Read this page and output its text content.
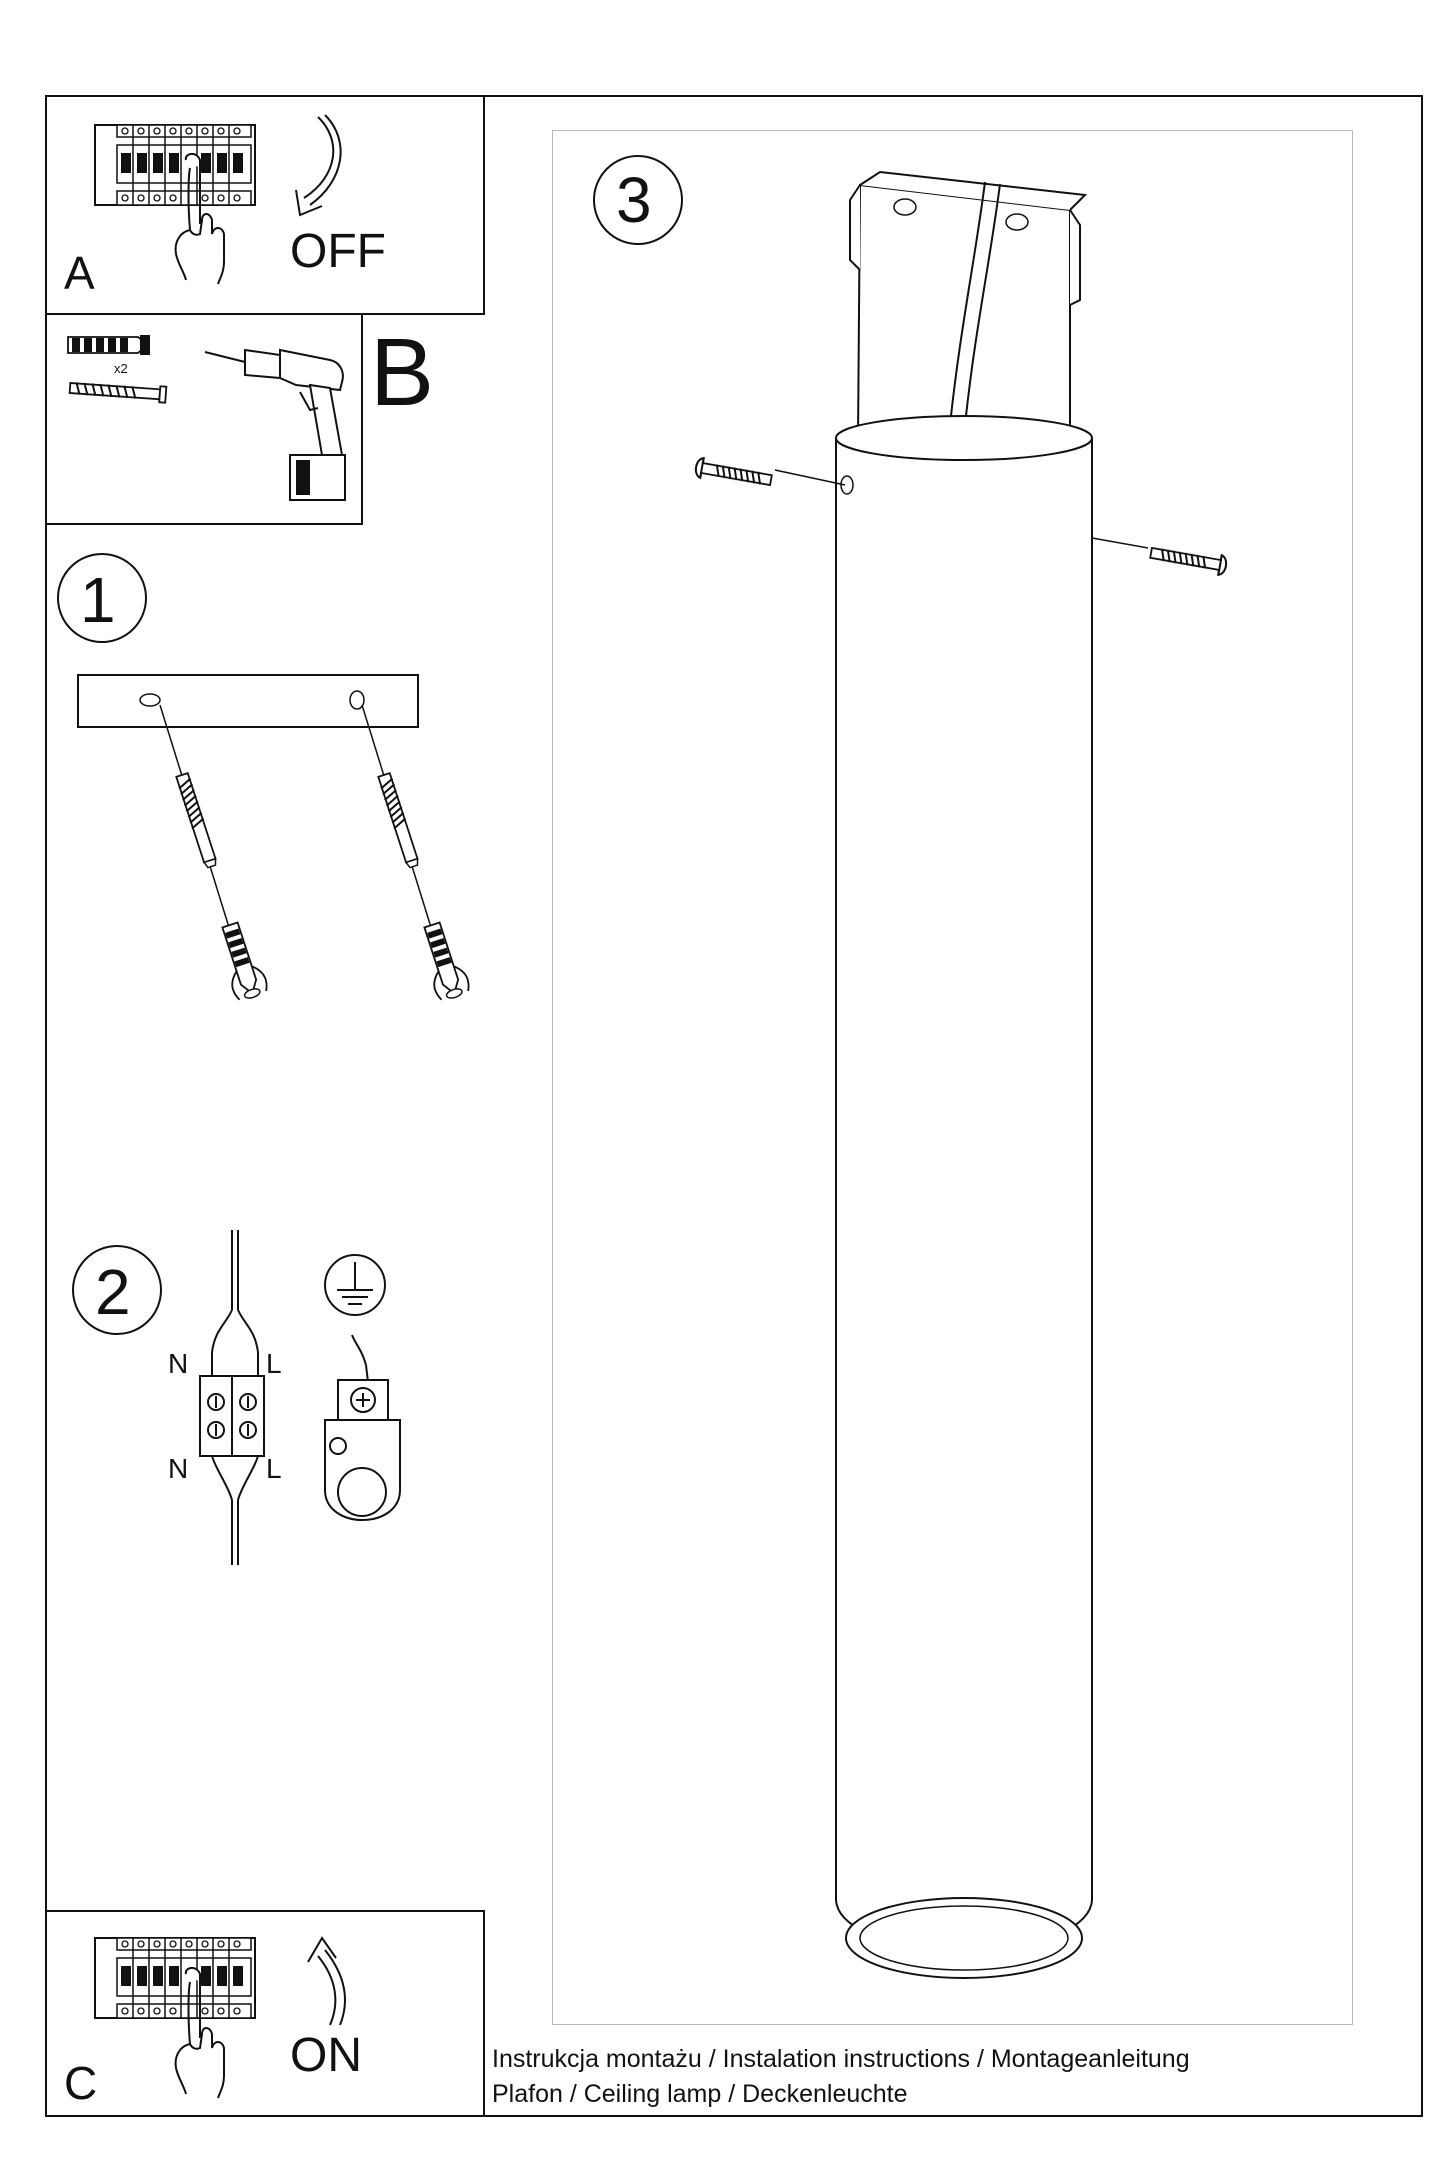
A	OFF
B
x2
1
2
3
N	L
N	L
C
ON	Instrukcja montażu / Instalation instructions / Montageanleitung
Plafon / Ceiling lamp / Deckenleuchte
